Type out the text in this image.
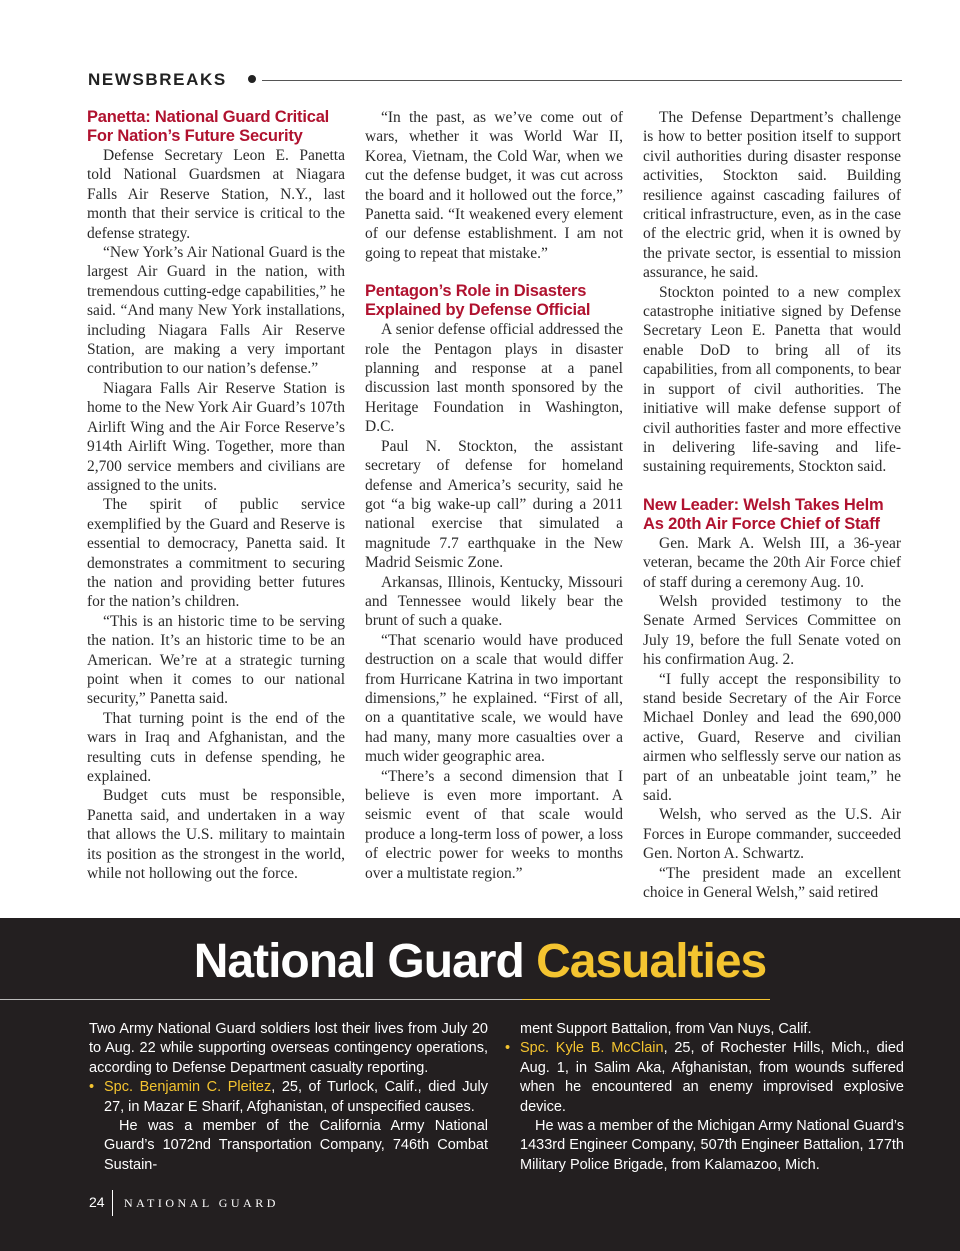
NEWSBREAKS
Panetta: National Guard Critical For Nation’s Future Security

Defense Secretary Leon E. Panetta told National Guardsmen at Niagara Falls Air Reserve Station, N.Y., last month that their service is critical to the defense strategy.

“New York’s Air National Guard is the largest Air Guard in the nation, with tremendous cutting-edge capabilities,” he said. “And many New York installations, including Niagara Falls Air Reserve Station, are making a very important contribution to our nation’s defense.”

Niagara Falls Air Reserve Station is home to the New York Air Guard’s 107th Airlift Wing and the Air Force Reserve’s 914th Airlift Wing. Together, more than 2,700 service members and civilians are assigned to the units.

The spirit of public service exemplified by the Guard and Reserve is essential to democracy, Panetta said. It demonstrates a commitment to securing the nation and providing better futures for the nation’s children.

“This is an historic time to be serving the nation. It’s an historic time to be an American. We’re at a strategic turning point when it comes to our national security,” Panetta said.

That turning point is the end of the wars in Iraq and Afghanistan, and the resulting cuts in defense spending, he explained.

Budget cuts must be responsible, Panetta said, and undertaken in a way that allows the U.S. military to maintain its position as the strongest in the world, while not hollowing out the force.

“In the past, as we’ve come out of wars, whether it was World War II, Korea, Vietnam, the Cold War, when we cut the defense budget, it was cut across the board and it hollowed out the force,” Panetta said. “It weakened every element of our defense establishment. I am not going to repeat that mistake.”

Pentagon’s Role in Disasters Explained by Defense Official

A senior defense official addressed the role the Pentagon plays in disaster planning and response at a panel discussion last month sponsored by the Heritage Foundation in Washington, D.C.

Paul N. Stockton, the assistant secretary of defense for homeland defense and America’s security, said he got “a big wake-up call” during a 2011 national exercise that simulated a magnitude 7.7 earthquake in the New Madrid Seismic Zone.

Arkansas, Illinois, Kentucky, Missouri and Tennessee would likely bear the brunt of such a quake.

“That scenario would have produced destruction on a scale that would differ from Hurricane Katrina in two important dimensions,” he explained. “First of all, on a quantitative scale, we would have had many, many more casualties over a much wider geographic area.

“There’s a second dimension that I believe is even more important. A seismic event of that scale would produce a long-term loss of power, a loss of electric power for weeks to months over a multistate region.”

The Defense Department’s challenge is how to better position itself to support civil authorities during disaster response activities, Stockton said. Building resilience against cascading failures of critical infrastructure, even, as in the case of the electric grid, when it is owned by the private sector, is essential to mission assurance, he said.

Stockton pointed to a new complex catastrophe initiative signed by Defense Secretary Leon E. Panetta that would enable DoD to bring all of its capabilities, from all components, to bear in support of civil authorities. The initiative will make defense support of civil authorities faster and more effective in delivering life-saving and life-sustaining requirements, Stockton said.

New Leader: Welsh Takes Helm As 20th Air Force Chief of Staff

Gen. Mark A. Welsh III, a 36-year veteran, became the 20th Air Force chief of staff during a ceremony Aug. 10.

Welsh provided testimony to the Senate Armed Services Committee on July 19, before the full Senate voted on his confirmation Aug. 2.

“I fully accept the responsibility to stand beside Secretary of the Air Force Michael Donley and lead the 690,000 active, Guard, Reserve and civilian airmen who selflessly serve our nation as part of an unbeatable joint team,” he said.

Welsh, who served as the U.S. Air Forces in Europe commander, succeeded Gen. Norton A. Schwartz.

“The president made an excellent choice in General Welsh,” said retired

National Guard Casualties

Two Army National Guard soldiers lost their lives from July 20 to Aug. 22 while supporting overseas contingency operations, according to Defense Department casualty reporting.

• Spc. Benjamin C. Pleitez, 25, of Turlock, Calif., died July 27, in Mazar E Sharif, Afghanistan, of unspecified causes.

He was a member of the California Army National Guard’s 1072nd Transportation Company, 746th Combat Sustain-

ment Support Battalion, from Van Nuys, Calif.

• Spc. Kyle B. McClain, 25, of Rochester Hills, Mich., died Aug. 1, in Salim Aka, Afghanistan, from wounds suffered when he encountered an enemy improvised explosive device.

He was a member of the Michigan Army National Guard’s 1433rd Engineer Company, 507th Engineer Battalion, 177th Military Police Brigade, from Kalamazoo, Mich.

24 NATIONAL GUARD
